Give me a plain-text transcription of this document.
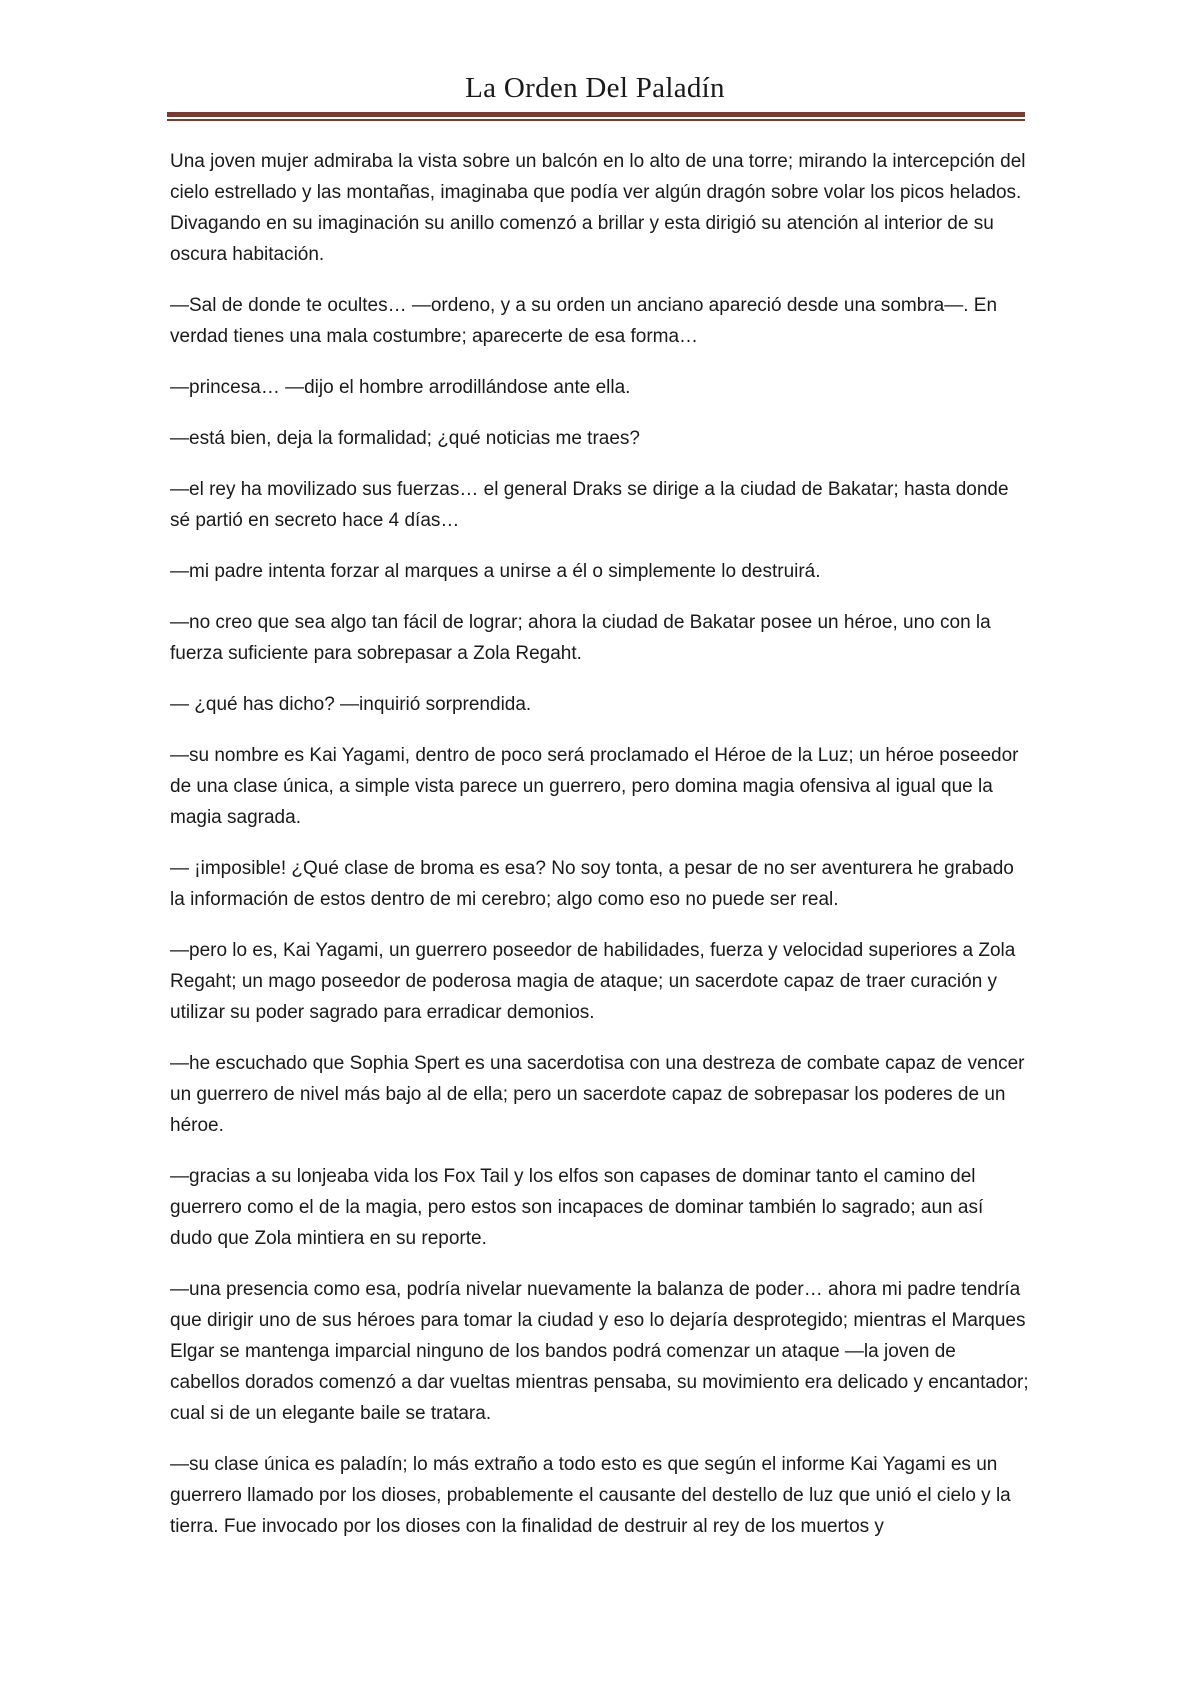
La Orden Del Paladín

Una joven mujer admiraba la vista sobre un balcón en lo alto de una torre; mirando la intercepción del cielo estrellado y las montañas, imaginaba que podía ver algún dragón sobre volar los picos helados. Divagando en su imaginación su anillo comenzó a brillar y esta dirigió su atención al interior de su oscura habitación.

—Sal de donde te ocultes… —ordeno, y a su orden un anciano apareció desde una sombra—. En verdad tienes una mala costumbre; aparecerte de esa forma…

—princesa… —dijo el hombre arrodillándose ante ella.

—está bien, deja la formalidad; ¿qué noticias me traes?

—el rey ha movilizado sus fuerzas… el general Draks se dirige a la ciudad de Bakatar; hasta donde sé partió en secreto hace 4 días…

—mi padre intenta forzar al marques a unirse a él o simplemente lo destruirá.

—no creo que sea algo tan fácil de lograr; ahora la ciudad de Bakatar posee un héroe, uno con la fuerza suficiente para sobrepasar a Zola Regaht.

— ¿qué has dicho? —inquirió sorprendida.

—su nombre es Kai Yagami, dentro de poco será proclamado el Héroe de la Luz; un héroe poseedor de una clase única, a simple vista parece un guerrero, pero domina magia ofensiva al igual que la magia sagrada.

— ¡imposible! ¿Qué clase de broma es esa? No soy tonta, a pesar de no ser aventurera he grabado la información de estos dentro de mi cerebro; algo como eso no puede ser real.

—pero lo es, Kai Yagami, un guerrero poseedor de habilidades, fuerza y velocidad superiores a Zola Regaht; un mago poseedor de poderosa magia de ataque; un sacerdote capaz de traer curación y utilizar su poder sagrado para erradicar demonios.

—he escuchado que Sophia Spert es una sacerdotisa con una destreza de combate capaz de vencer un guerrero de nivel más bajo al de ella; pero un sacerdote capaz de sobrepasar los poderes de un héroe.

—gracias a su lonjeaba vida los Fox Tail y los elfos son capases de dominar tanto el camino del guerrero como el de la magia, pero estos son incapaces de dominar también lo sagrado; aun así dudo que Zola mintiera en su reporte.

—una presencia como esa, podría nivelar nuevamente la balanza de poder… ahora mi padre tendría que dirigir uno de sus héroes para tomar la ciudad y eso lo dejaría desprotegido; mientras el Marques Elgar se mantenga imparcial ninguno de los bandos podrá comenzar un ataque —la joven de cabellos dorados comenzó a dar vueltas mientras pensaba, su movimiento era delicado y encantador; cual si de un elegante baile se tratara.

—su clase única es paladín; lo más extraño a todo esto es que según el informe Kai Yagami es un guerrero llamado por los dioses, probablemente el causante del destello de luz que unió el cielo y la tierra. Fue invocado por los dioses con la finalidad de destruir al rey de los muertos y
